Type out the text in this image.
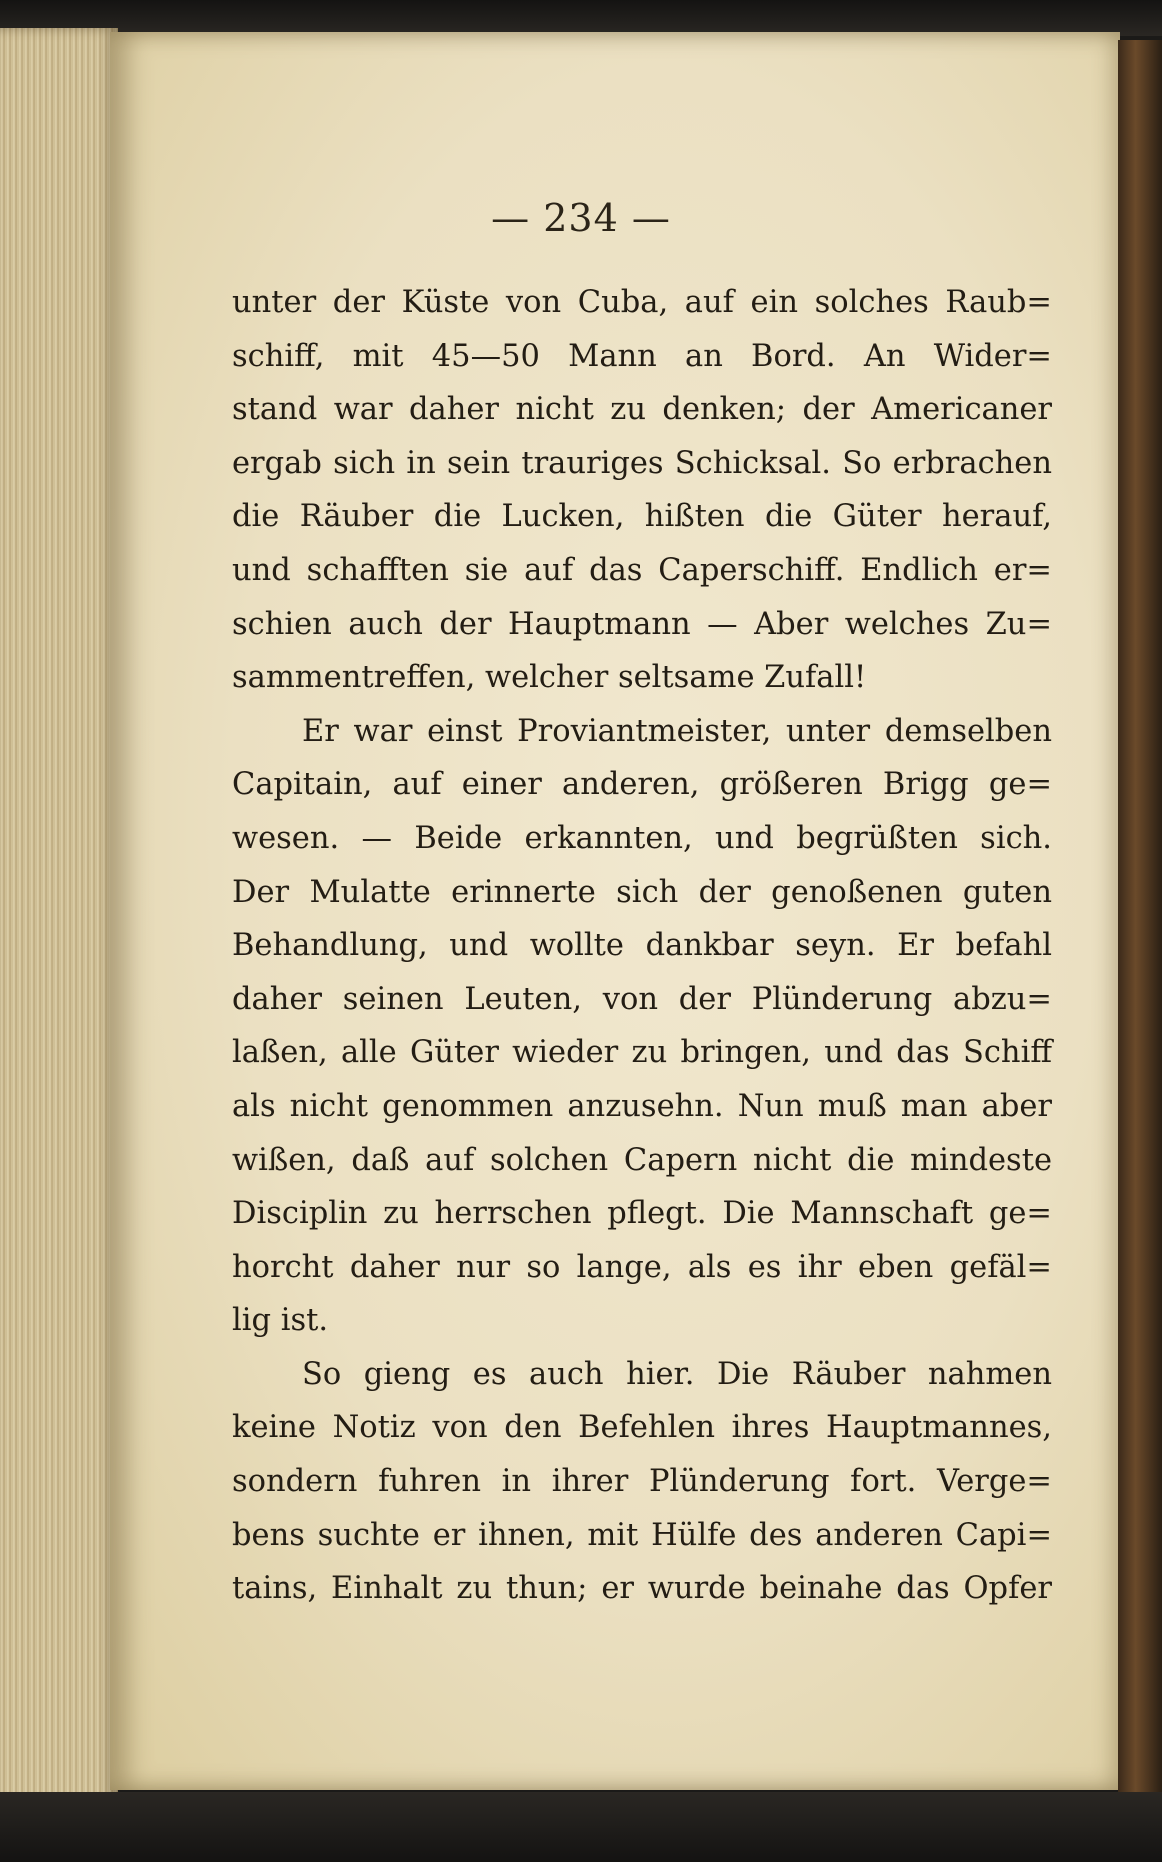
— 234 —
unter der Küste von Cuba, auf ein solches Raub=
schiff, mit 45—50 Mann an Bord. An Wider=
stand war daher nicht zu denken; der Americaner
ergab sich in sein trauriges Schicksal. So erbrachen
die Räuber die Lucken, hißten die Güter herauf,
und schafften sie auf das Caperschiff. Endlich er=
schien auch der Hauptmann — Aber welches Zu=
sammentreffen, welcher seltsame Zufall!
Er war einst Proviantmeister, unter demselben
Capitain, auf einer anderen, größeren Brigg ge=
wesen. — Beide erkannten, und begrüßten sich.
Der Mulatte erinnerte sich der genoßenen guten
Behandlung, und wollte dankbar seyn. Er befahl
daher seinen Leuten, von der Plünderung abzu=
laßen, alle Güter wieder zu bringen, und das Schiff
als nicht genommen anzusehn. Nun muß man aber
wißen, daß auf solchen Capern nicht die mindeste
Disciplin zu herrschen pflegt. Die Mannschaft ge=
horcht daher nur so lange, als es ihr eben gefäl=
lig ist.
So gieng es auch hier. Die Räuber nahmen
keine Notiz von den Befehlen ihres Hauptmannes,
sondern fuhren in ihrer Plünderung fort. Verge=
bens suchte er ihnen, mit Hülfe des anderen Capi=
tains, Einhalt zu thun; er wurde beinahe das Opfer
